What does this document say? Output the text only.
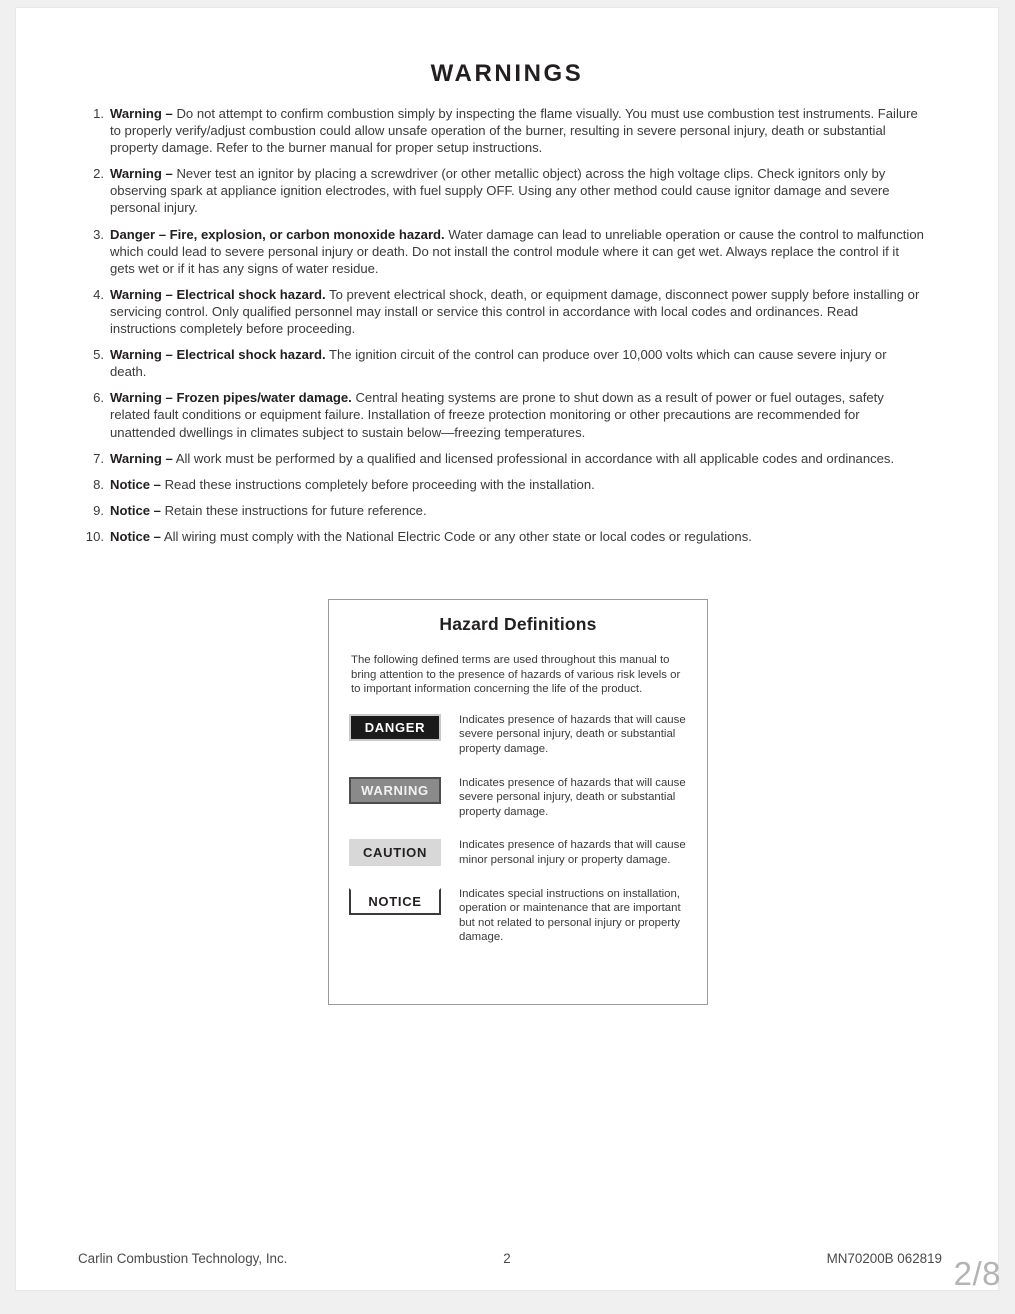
WARNINGS
1. Warning – Do not attempt to confirm combustion simply by inspecting the flame visually. You must use combustion test instruments. Failure to properly verify/adjust combustion could allow unsafe operation of the burner, resulting in severe personal injury, death or substantial property damage. Refer to the burner manual for proper setup instructions.
2. Warning – Never test an ignitor by placing a screwdriver (or other metallic object) across the high voltage clips. Check ignitors only by observing spark at appliance ignition electrodes, with fuel supply OFF. Using any other method could cause ignitor damage and severe personal injury.
3. Danger – Fire, explosion, or carbon monoxide hazard. Water damage can lead to unreliable operation or cause the control to malfunction which could lead to severe personal injury or death. Do not install the control module where it can get wet. Always replace the control if it gets wet or if it has any signs of water residue.
4. Warning – Electrical shock hazard. To prevent electrical shock, death, or equipment damage, disconnect power supply before installing or servicing control. Only qualified personnel may install or service this control in accordance with local codes and ordinances. Read instructions completely before proceeding.
5. Warning – Electrical shock hazard. The ignition circuit of the control can produce over 10,000 volts which can cause severe injury or death.
6. Warning – Frozen pipes/water damage. Central heating systems are prone to shut down as a result of power or fuel outages, safety related fault conditions or equipment failure. Installation of freeze protection monitoring or other precautions are recommended for unattended dwellings in climates subject to sustain below—freezing temperatures.
7. Warning – All work must be performed by a qualified and licensed professional in accordance with all applicable codes and ordinances.
8. Notice – Read these instructions completely before proceeding with the installation.
9. Notice – Retain these instructions for future reference.
10. Notice – All wiring must comply with the National Electric Code or any other state or local codes or regulations.
Hazard Definitions

The following defined terms are used throughout this manual to bring attention to the presence of hazards of various risk levels or to important information concerning the life of the product.

DANGER	Indicates presence of hazards that will cause severe personal injury, death or substantial property damage.
WARNING	Indicates presence of hazards that will cause severe personal injury, death or substantial property damage.
CAUTION	Indicates presence of hazards that will cause minor personal injury or property damage.
NOTICE	Indicates special instructions on installation, operation or maintenance that are important but not related to personal injury or property damage.
Carlin Combustion Technology, Inc.	2	MN70200B 062819 2/8
